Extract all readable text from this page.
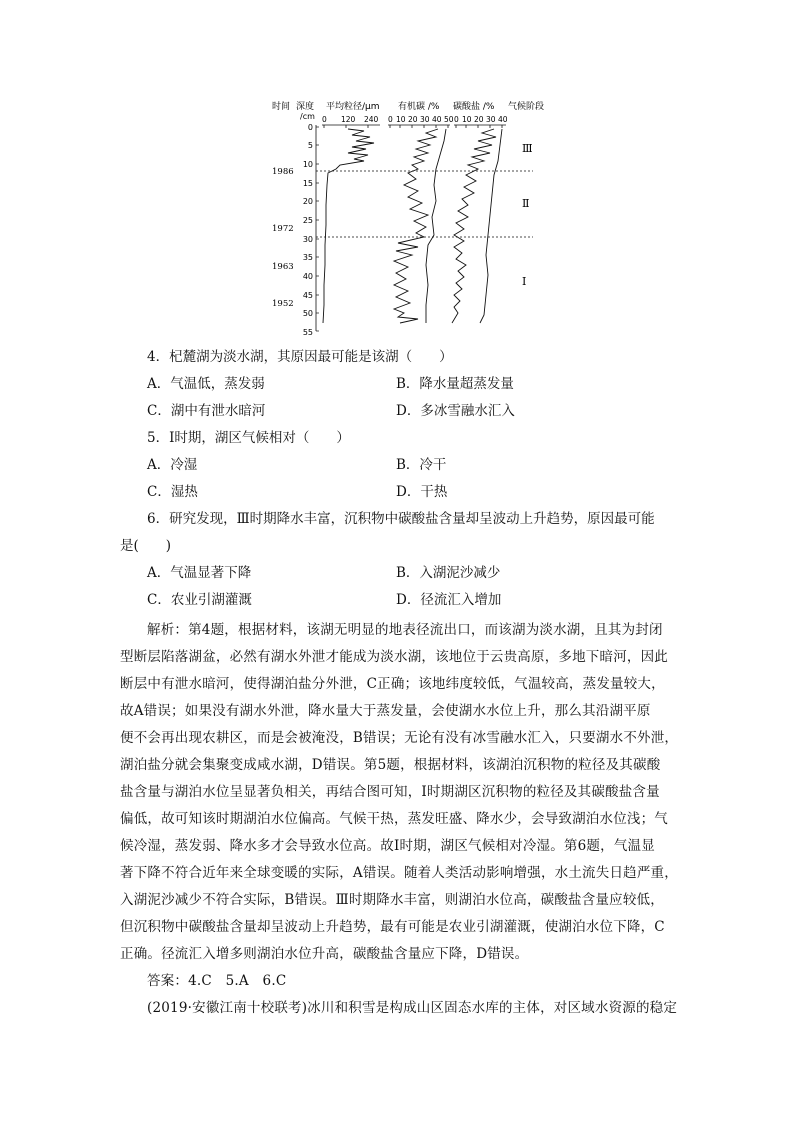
时间 深度
/cm
平均粒径/μm 有机碳 /% 碳酸盐 /% 气候阶段
0 120 240 0 10 20 30 40 50 0 10 20 30 40
0
5
10
15
20
25
30
35
40
45
50
55
1986
1972
1963
1952
Ⅲ
Ⅱ
Ⅰ
4．杞麓湖为淡水湖，其原因最可能是该湖（　　）
A．气温低，蒸发弱	B．降水量超蒸发量
C．湖中有泄水暗河	D．多冰雪融水汇入
5．Ⅰ时期，湖区气候相对（　　）
A．冷湿	B．冷干
C．湿热	D．干热
6．研究发现，Ⅲ时期降水丰富，沉积物中碳酸盐含量却呈波动上升趋势，原因最可能
是(　　)
A．气温显著下降	B．入湖泥沙减少
C．农业引湖灌溉	D．径流汇入增加
解析：第4题，根据材料，该湖无明显的地表径流出口，而该湖为淡水湖，且其为封闭
型断层陷落湖盆，必然有湖水外泄才能成为淡水湖，该地位于云贵高原，多地下暗河，因此
断层中有泄水暗河，使得湖泊盐分外泄，C正确；该地纬度较低，气温较高，蒸发量较大，
故A错误；如果没有湖水外泄，降水量大于蒸发量，会使湖水水位上升，那么其沿湖平原
便不会再出现农耕区，而是会被淹没，B错误；无论有没有冰雪融水汇入，只要湖水不外泄，
湖泊盐分就会集聚变成咸水湖，D错误。第5题，根据材料，该湖泊沉积物的粒径及其碳酸
盐含量与湖泊水位呈显著负相关，再结合图可知，Ⅰ时期湖区沉积物的粒径及其碳酸盐含量
偏低，故可知该时期湖泊水位偏高。气候干热，蒸发旺盛、降水少，会导致湖泊水位浅；气
候冷湿，蒸发弱、降水多才会导致水位高。故Ⅰ时期，湖区气候相对冷湿。第6题，气温显
著下降不符合近年来全球变暖的实际，A错误。随着人类活动影响增强，水土流失日趋严重，
入湖泥沙减少不符合实际，B错误。Ⅲ时期降水丰富，则湖泊水位高，碳酸盐含量应较低，
但沉积物中碳酸盐含量却呈波动上升趋势，最有可能是农业引湖灌溉，使湖泊水位下降，C
正确。径流汇入增多则湖泊水位升高，碳酸盐含量应下降，D错误。
答案：4.C　5.A　6.C
(2019·安徽江南十校联考)冰川和积雪是构成山区固态水库的主体，对区域水资源的稳定
